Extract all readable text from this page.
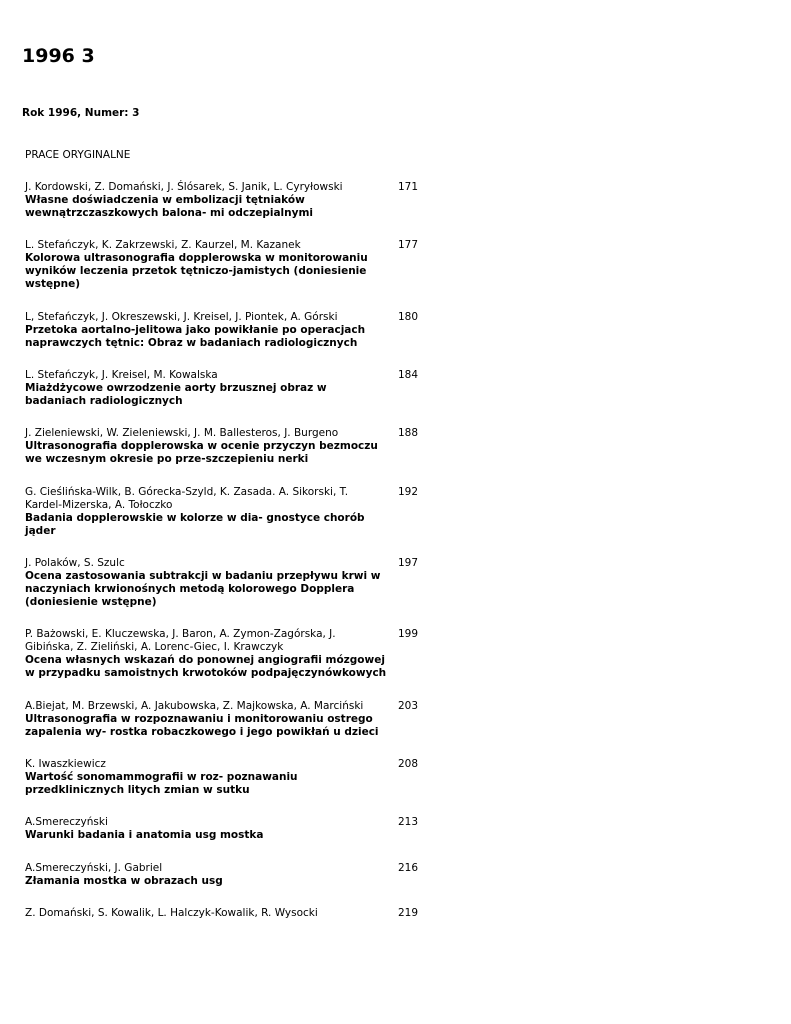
1996 3
Rok 1996, Numer: 3
PRACE ORYGINALNE
J. Kordowski, Z. Domański, J. Ślósarek, S. Janik, L. Cyryłowski
Własne doświadczenia w embolizacji tętniaków wewnątrzczaszkowych balona- mi odczepialnymi
171
L. Stefańczyk, K. Zakrzewski, Z. Kaurzel, M. Kazanek
Kolorowa ultrasonografia dopplerowska w monitorowaniu wyników leczenia przetok tętniczo-jamistych (doniesienie wstępne)
177
L, Stefańczyk, J. Okreszewski, J. Kreisel, J. Piontek, A. Górski
Przetoka aortalno-jelitowa jako powikłanie po operacjach naprawczych tętnic: Obraz w badaniach radiologicznych
180
L. Stefańczyk, J. Kreisel, M. Kowalska
Miażdżycowe owrzodzenie aorty brzusznej obraz w badaniach radiologicznych
184
J. Zieleniewski, W. Zieleniewski, J. M. Ballesteros, J. Burgeno
Ultrasonografia dopplerowska w ocenie przyczyn bezmoczu we wczesnym okresie po prze-szczepieniu nerki
188
G. Cieślińska-Wilk, B. Górecka-Szyld, K. Zasada. A. Sikorski, T. Kardel-Mizerska, A. Tołoczko
Badania dopplerowskie w kolorze w dia- gnostyce chorób jąder
192
J. Polaków, S. Szulc
Ocena zastosowania subtrakcji w badaniu przepływu krwi w naczyniach krwionośnych metodą kolorowego Dopplera (doniesienie wstępne)
197
P. Bażowski, E. Kluczewska, J. Baron, A. Zymon-Zagórska, J. Gibińska, Z. Zieliński, A. Lorenc-Giec, I. Krawczyk
Ocena własnych wskazań do ponownej angiografii mózgowej w przypadku samoistnych krwotoków podpajęczynówkowych
199
A.Biejat, M. Brzewski, A. Jakubowska, Z. Majkowska, A. Marciński
Ultrasonografia w rozpoznawaniu i monitorowaniu ostrego zapalenia wy- rostka robaczkowego i jego powikłań u dzieci
203
K. Iwaszkiewicz
Wartość sonomammografii w roz- poznawaniu przedklinicznych litych zmian w sutku
208
A.Smereczyński
Warunki badania i anatomia usg mostka
213
A.Smereczyński, J. Gabriel
Złamania mostka w obrazach usg
216
Z. Domański, S. Kowalik, L. Halczyk-Kowalik, R. Wysocki	219
